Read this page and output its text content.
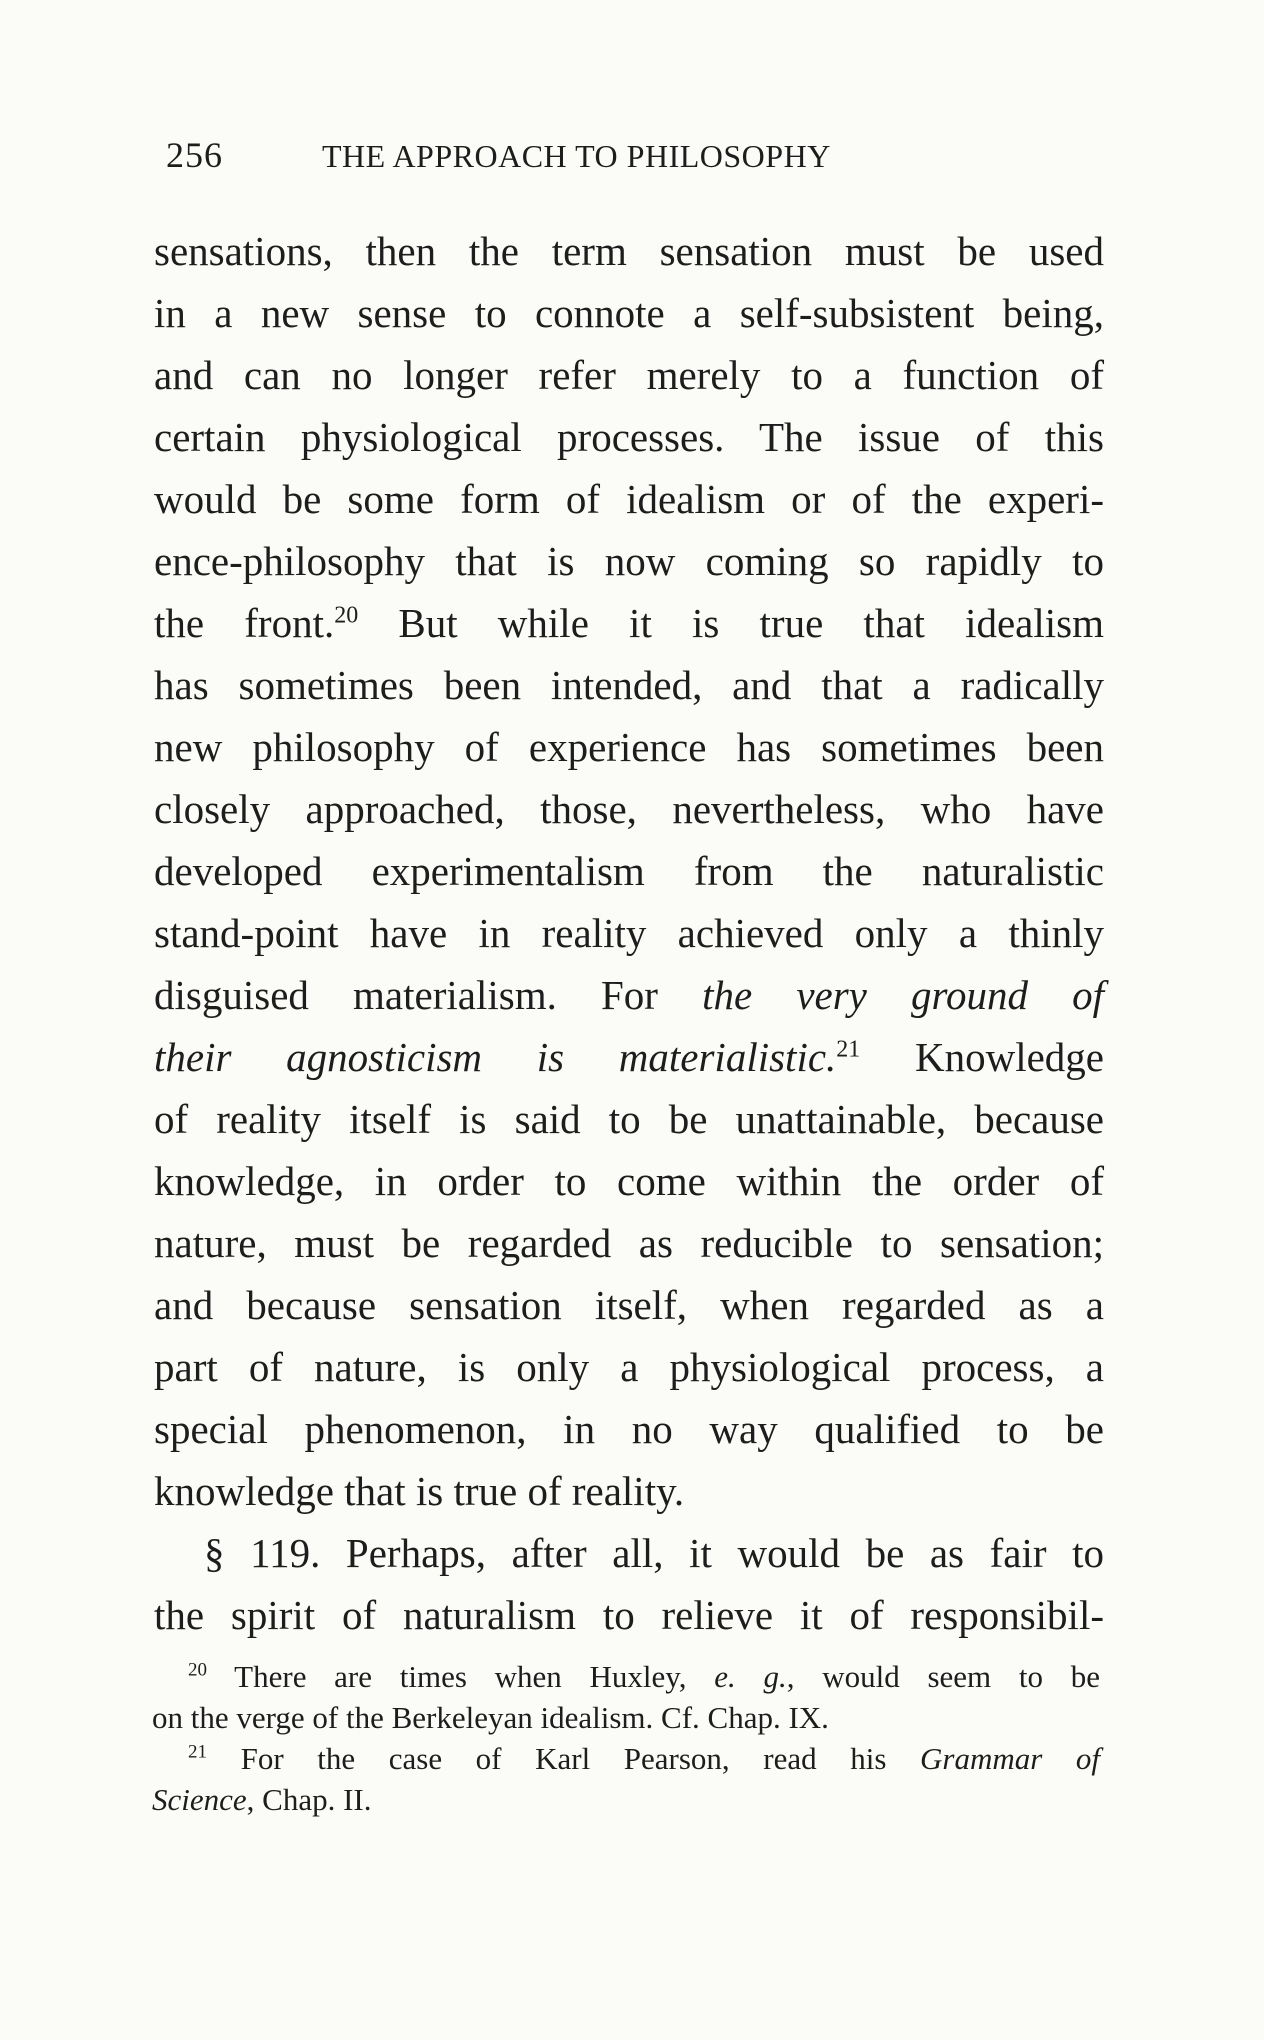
256	THE APPROACH TO PHILOSOPHY
sensations, then the term sensation must be used
in a new sense to connote a self-subsistent being,
and can no longer refer merely to a function of
certain physiological processes. The issue of this
would be some form of idealism or of the experi-
ence-philosophy that is now coming so rapidly to
the front.$^{20}$ But while it is true that idealism
has sometimes been intended, and that a radically
new philosophy of experience has sometimes been
closely approached, those, nevertheless, who have
developed experimentalism from the naturalistic
stand-point have in reality achieved only a thinly
disguised materialism. For the very ground of
their agnosticism is materialistic.$^{21}$ Knowledge
of reality itself is said to be unattainable, because
knowledge, in order to come within the order of
nature, must be regarded as reducible to sensation;
and because sensation itself, when regarded as a
part of nature, is only a physiological process, a
special phenomenon, in no way qualified to be
knowledge that is true of reality.
§ 119. Perhaps, after all, it would be as fair to
the spirit of naturalism to relieve it of responsibil-
$^{20}$ There are times when Huxley, e. g., would seem to be
on the verge of the Berkeleyan idealism. Cf. Chap. IX.
$^{21}$ For the case of Karl Pearson, read his Grammar of
Science, Chap. II.
